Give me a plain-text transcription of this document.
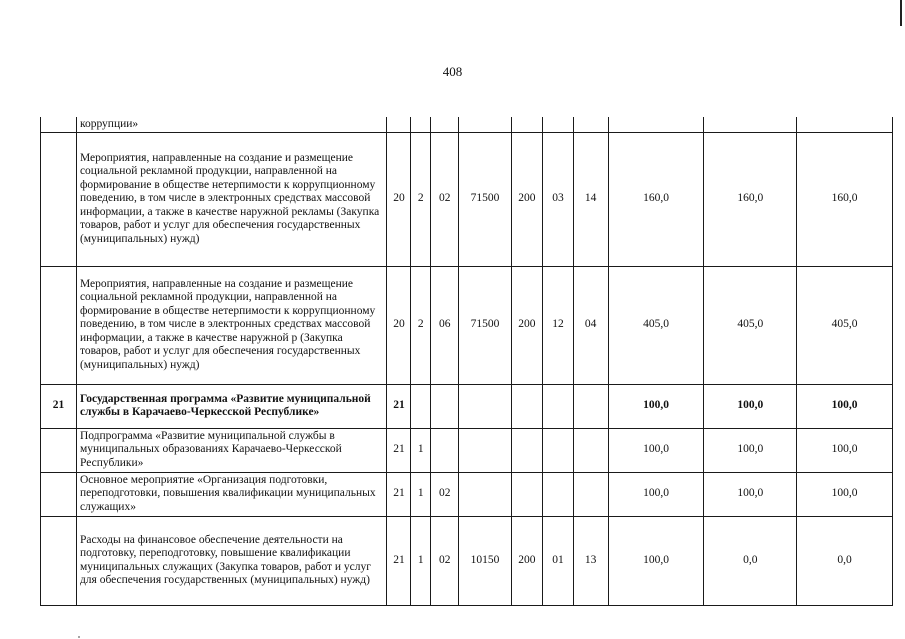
408
	коррупции»										
	Мероприятия, направленные на создание и размещение социальной рекламной продукции, направленной на формирование в обществе нетерпимости к коррупционному поведению, в том числе в электронных средствах массовой информации, а также в качестве наружной рекламы (Закупка товаров, работ и услуг для обеспечения государственных (муниципальных) нужд)	20	2	02	71500	200	03	14	160,0	160,0	160,0
	Мероприятия, направленные на создание и размещение социальной рекламной продукции, направленной на формирование в обществе нетерпимости к коррупционному поведению, в том числе в электронных средствах массовой информации, а также в качестве наружной р (Закупка товаров, работ и услуг для обеспечения государственных (муниципальных) нужд)	20	2	06	71500	200	12	04	405,0	405,0	405,0
21	Государственная программа «Развитие муниципальной службы в Карачаево-Черкесской Республике»	21							100,0	100,0	100,0
	Подпрограмма «Развитие муниципальной службы в муниципальных образованиях Карачаево-Черкесской Республики»	21	1						100,0	100,0	100,0
	Основное мероприятие «Организация подготовки, переподготовки, повышения квалификации муниципальных служащих»	21	1	02					100,0	100,0	100,0
	Расходы на финансовое обеспечение деятельности на подготовку, переподготовку, повышение квалификации муниципальных служащих (Закупка товаров, работ и услуг для обеспечения государственных (муниципальных) нужд)	21	1	02	10150	200	01	13	100,0	0,0	0,0
